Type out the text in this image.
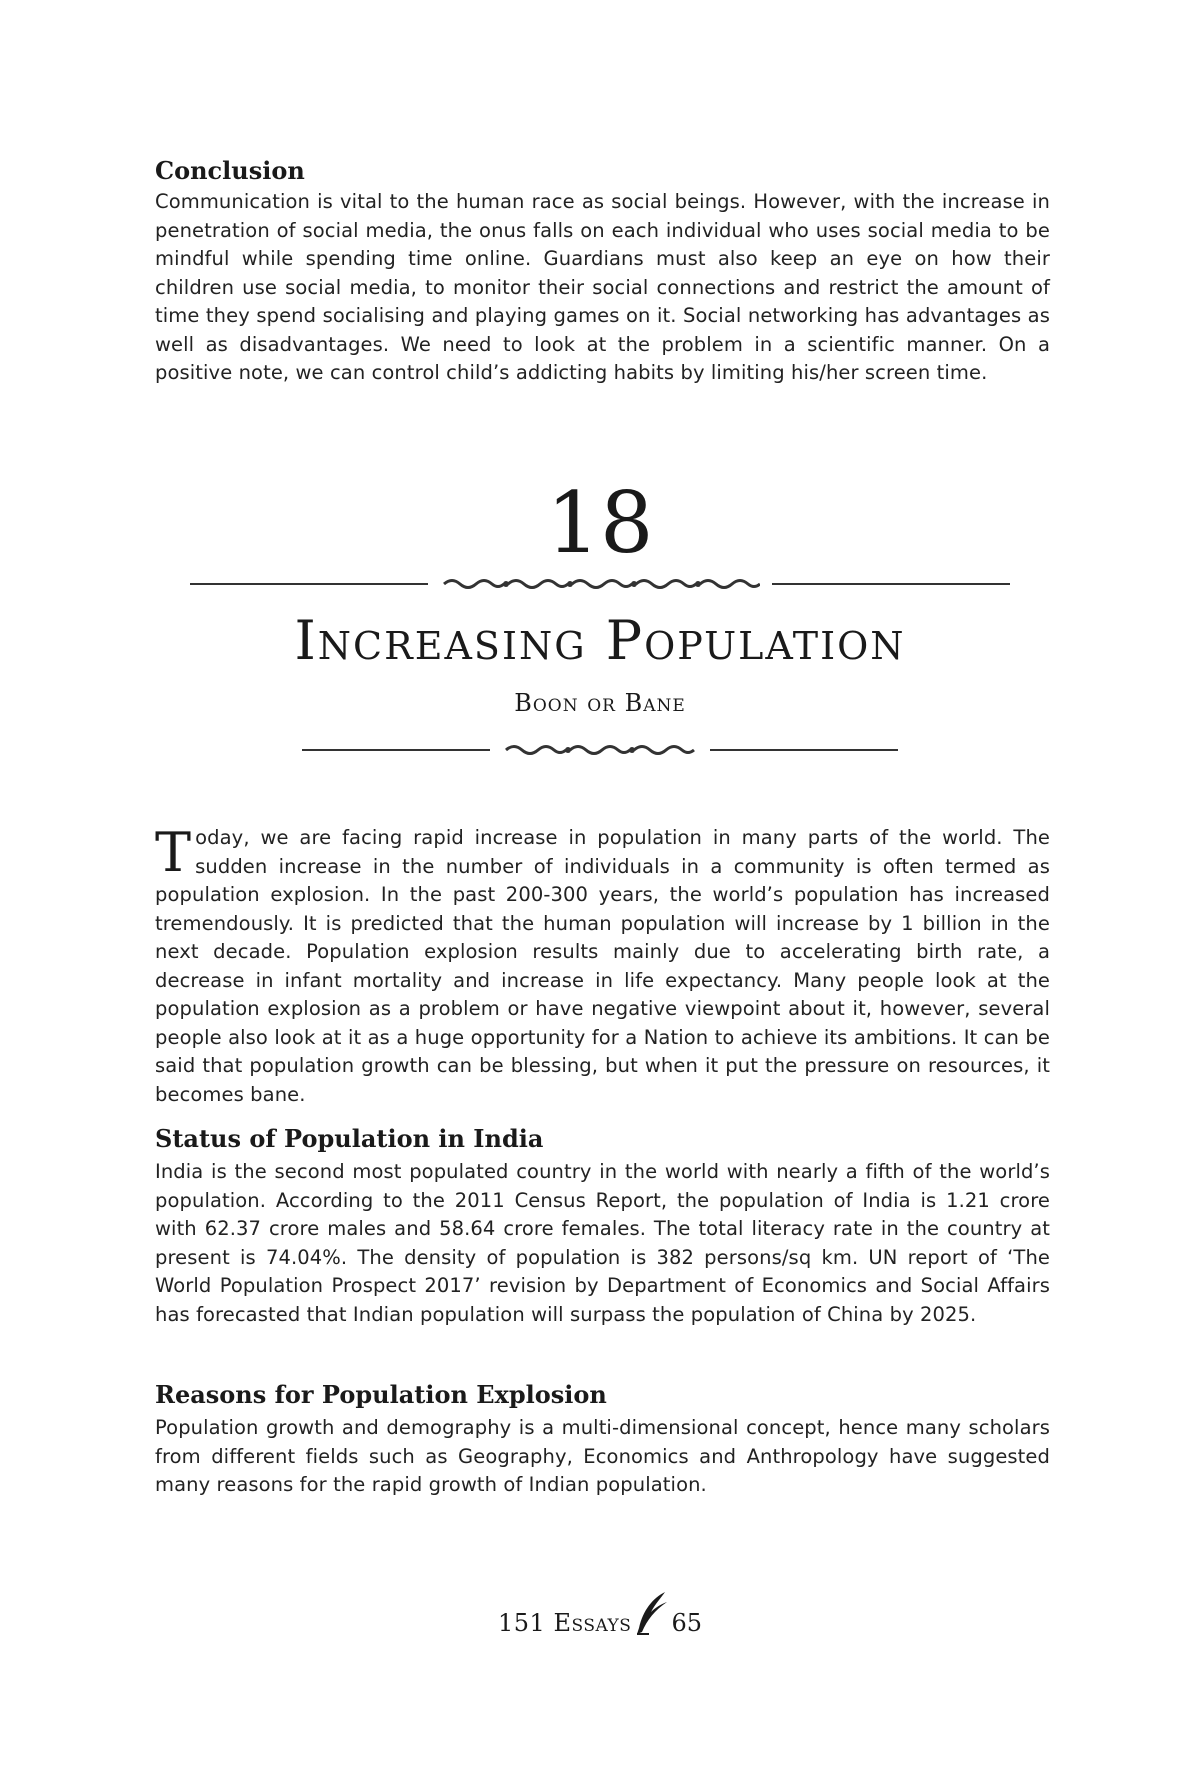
Conclusion

Communication is vital to the human race as social beings. However, with the increase in penetration of social media, the onus falls on each individual who uses social media to be mindful while spending time online. Guardians must also keep an eye on how their children use social media, to monitor their social connections and restrict the amount of time they spend socialising and playing games on it. Social networking has advantages as well as disadvantages. We need to look at the problem in a scientific manner. On a positive note, we can control child’s addicting habits by limiting his/her screen time.

18
Increasing Population
Boon or Bane

Today, we are facing rapid increase in population in many parts of the world. The sudden increase in the number of individuals in a community is often termed as population explosion. In the past 200-300 years, the world’s population has increased tremendously. It is predicted that the human population will increase by 1 billion in the next decade. Population explosion results mainly due to accelerating birth rate, a decrease in infant mortality and increase in life expectancy. Many people look at the population explosion as a problem or have negative viewpoint about it, however, several people also look at it as a huge opportunity for a Nation to achieve its ambitions. It can be said that population growth can be blessing, but when it put the pressure on resources, it becomes bane.

Status of Population in India

India is the second most populated country in the world with nearly a fifth of the world’s population. According to the 2011 Census Report, the population of India is 1.21 crore with 62.37 crore males and 58.64 crore females. The total literacy rate in the country at present is 74.04%. The density of population is 382 persons/sq km. UN report of ‘The World Population Prospect 2017’ revision by Department of Economics and Social Affairs has forecasted that Indian population will surpass the population of China by 2025.

Reasons for Population Explosion

Population growth and demography is a multi-dimensional concept, hence many scholars from different fields such as Geography, Economics and Anthropology have suggested many reasons for the rapid growth of Indian population.

151 Essays 65
